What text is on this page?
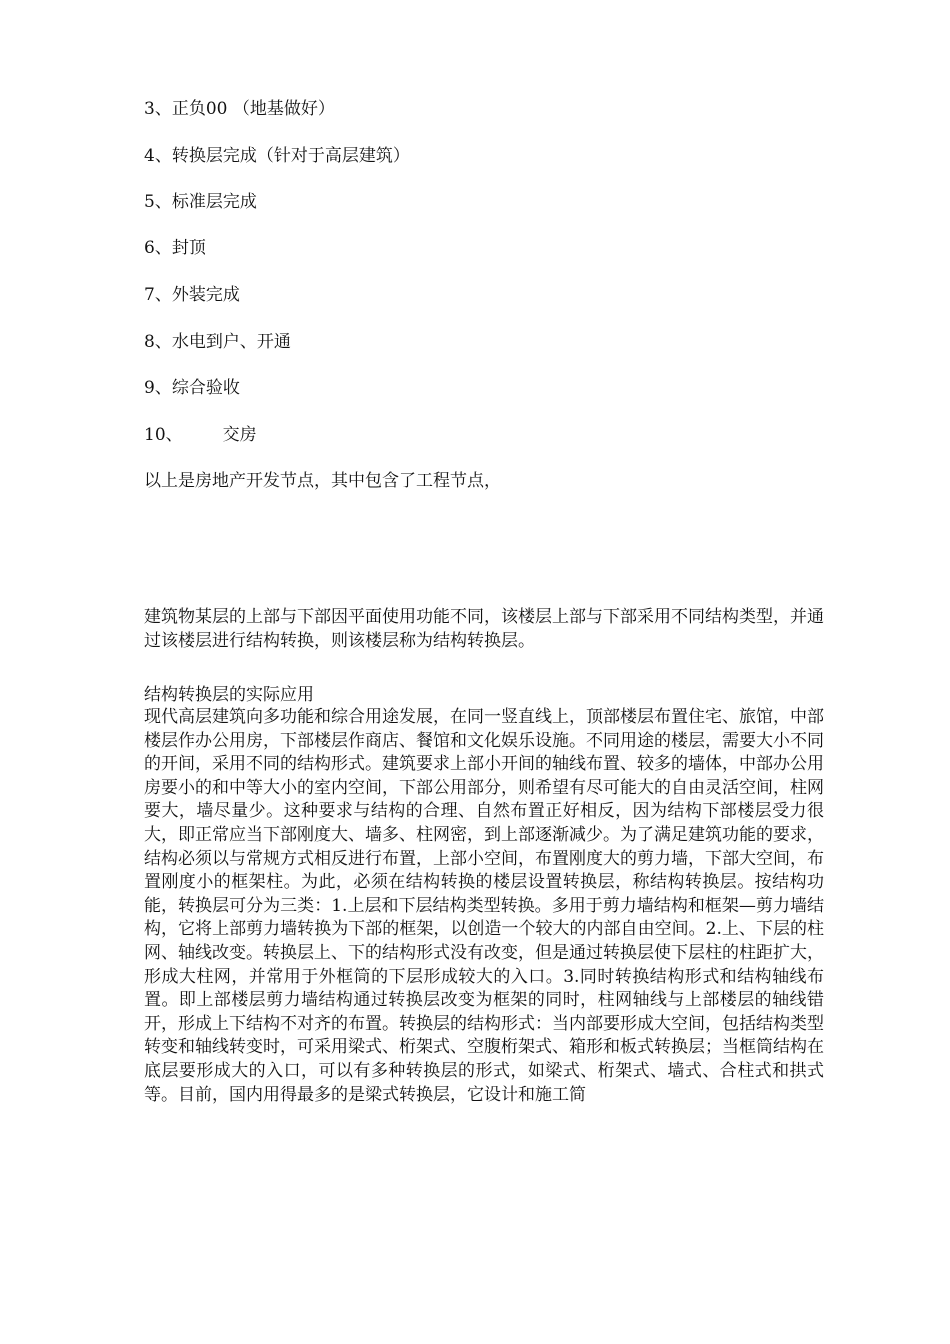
3、正负00 （地基做好）
4、转换层完成（针对于高层建筑）
5、标准层完成
6、封顶
7、外装完成
8、水电到户、开通
9、综合验收
10、 交房
以上是房地产开发节点，其中包含了工程节点，
建筑物某层的上部与下部因平面使用功能不同，该楼层上部与下部采用不同结构类型，并通过该楼层进行结构转换，则该楼层称为结构转换层。
结构转换层的实际应用
现代高层建筑向多功能和综合用途发展，在同一竖直线上，顶部楼层布置住宅、旅馆，中部楼层作办公用房，下部楼层作商店、餐馆和文化娱乐设施。不同用途的楼层，需要大小不同的开间，采用不同的结构形式。建筑要求上部小开间的轴线布置、较多的墙体，中部办公用房要小的和中等大小的室内空间，下部公用部分，则希望有尽可能大的自由灵活空间，柱网要大，墙尽量少。这种要求与结构的合理、自然布置正好相反，因为结构下部楼层受力很大，即正常应当下部刚度大、墙多、柱网密，到上部逐渐减少。为了满足建筑功能的要求，结构必须以与常规方式相反进行布置，上部小空间，布置刚度大的剪力墙，下部大空间，布置刚度小的框架柱。为此，必须在结构转换的楼层设置转换层，称结构转换层。按结构功能，转换层可分为三类：1.上层和下层结构类型转换。多用于剪力墙结构和框架—剪力墙结构，它将上部剪力墙转换为下部的框架，以创造一个较大的内部自由空间。2.上、下层的柱网、轴线改变。转换层上、下的结构形式没有改变，但是通过转换层使下层柱的柱距扩大，形成大柱网，并常用于外框筒的下层形成较大的入口。3.同时转换结构形式和结构轴线布置。即上部楼层剪力墙结构通过转换层改变为框架的同时，柱网轴线与上部楼层的轴线错开，形成上下结构不对齐的布置。转换层的结构形式：当内部要形成大空间，包括结构类型转变和轴线转变时，可采用梁式、桁架式、空腹桁架式、箱形和板式转换层；当框筒结构在底层要形成大的入口，可以有多种转换层的形式，如梁式、桁架式、墙式、合柱式和拱式等。目前，国内用得最多的是梁式转换层，它设计和施工简
